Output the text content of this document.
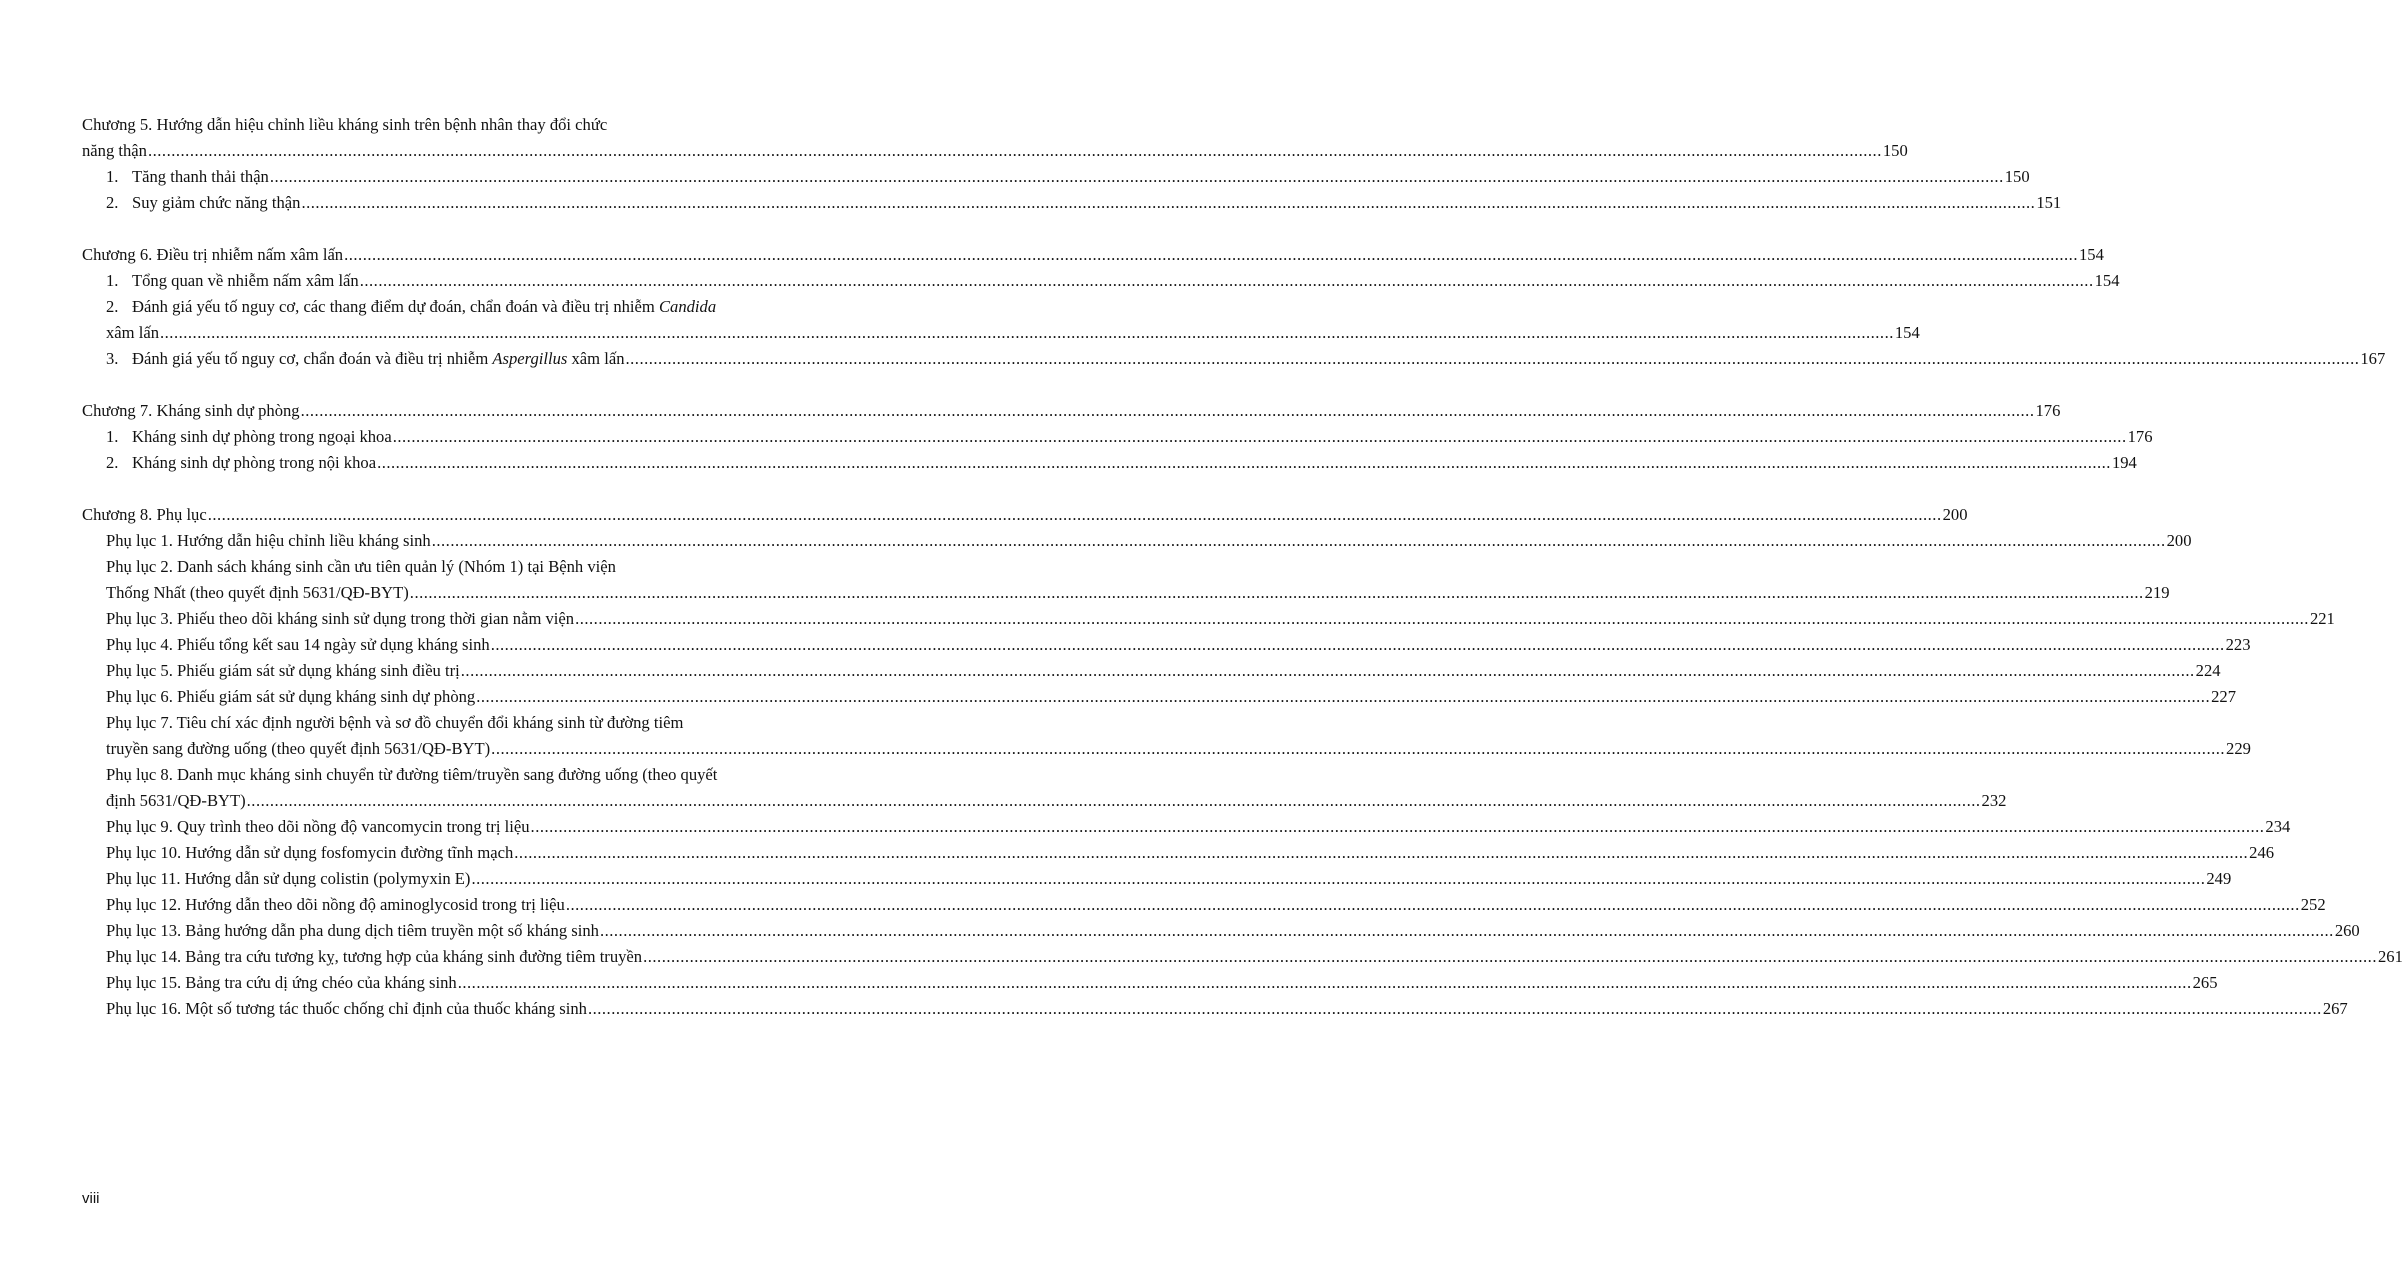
Chương 5. Hướng dẫn hiệu chỉnh liều kháng sinh trên bệnh nhân thay đổi chức
năng thận .....	150
1. Tăng thanh thải thận .....	150
2. Suy giảm chức năng thận .....	151
Chương 6. Điều trị nhiễm nấm xâm lấn .....	154
1. Tổng quan về nhiễm nấm xâm lấn .....	154
2. Đánh giá yếu tố nguy cơ, các thang điểm dự đoán, chẩn đoán và điều trị nhiễm Candida
xâm lấn .....	154
3. Đánh giá yếu tố nguy cơ, chẩn đoán và điều trị nhiễm Aspergillus xâm lấn .....	167
Chương 7. Kháng sinh dự phòng .....	176
1. Kháng sinh dự phòng trong ngoại khoa .....	176
2. Kháng sinh dự phòng trong nội khoa .....	194
Chương 8. Phụ lục .....	200
Phụ lục 1. Hướng dẫn hiệu chỉnh liều kháng sinh .....	200
Phụ lục 2. Danh sách kháng sinh cần ưu tiên quản lý (Nhóm 1) tại Bệnh viện
Thống Nhất (theo quyết định 5631/QĐ-BYT) .....	219
Phụ lục 3. Phiếu theo dõi kháng sinh sử dụng trong thời gian nằm viện .....	221
Phụ lục 4. Phiếu tổng kết sau 14 ngày sử dụng kháng sinh .....	223
Phụ lục 5. Phiếu giám sát sử dụng kháng sinh điều trị .....	224
Phụ lục 6. Phiếu giám sát sử dụng kháng sinh dự phòng .....	227
Phụ lục 7. Tiêu chí xác định người bệnh và sơ đồ chuyển đổi kháng sinh từ đường tiêm
truyền sang đường uống (theo quyết định 5631/QĐ-BYT) .....	229
Phụ lục 8. Danh mục kháng sinh chuyển từ đường tiêm/truyền sang đường uống (theo quyết
định 5631/QĐ-BYT) .....	232
Phụ lục 9. Quy trình theo dõi nồng độ vancomycin trong trị liệu .....	234
Phụ lục 10. Hướng dẫn sử dụng fosfomycin đường tĩnh mạch .....	246
Phụ lục 11. Hướng dẫn sử dụng colistin (polymyxin E) .....	249
Phụ lục 12. Hướng dẫn theo dõi nồng độ aminoglycosid trong trị liệu .....	252
Phụ lục 13. Bảng hướng dẫn pha dung dịch tiêm truyền một số kháng sinh .....	260
Phụ lục 14. Bảng tra cứu tương kỵ, tương hợp của kháng sinh đường tiêm truyền .....	261
Phụ lục 15. Bảng tra cứu dị ứng chéo của kháng sinh .....	265
Phụ lục 16. Một số tương tác thuốc chống chỉ định của thuốc kháng sinh .....	267
viii
